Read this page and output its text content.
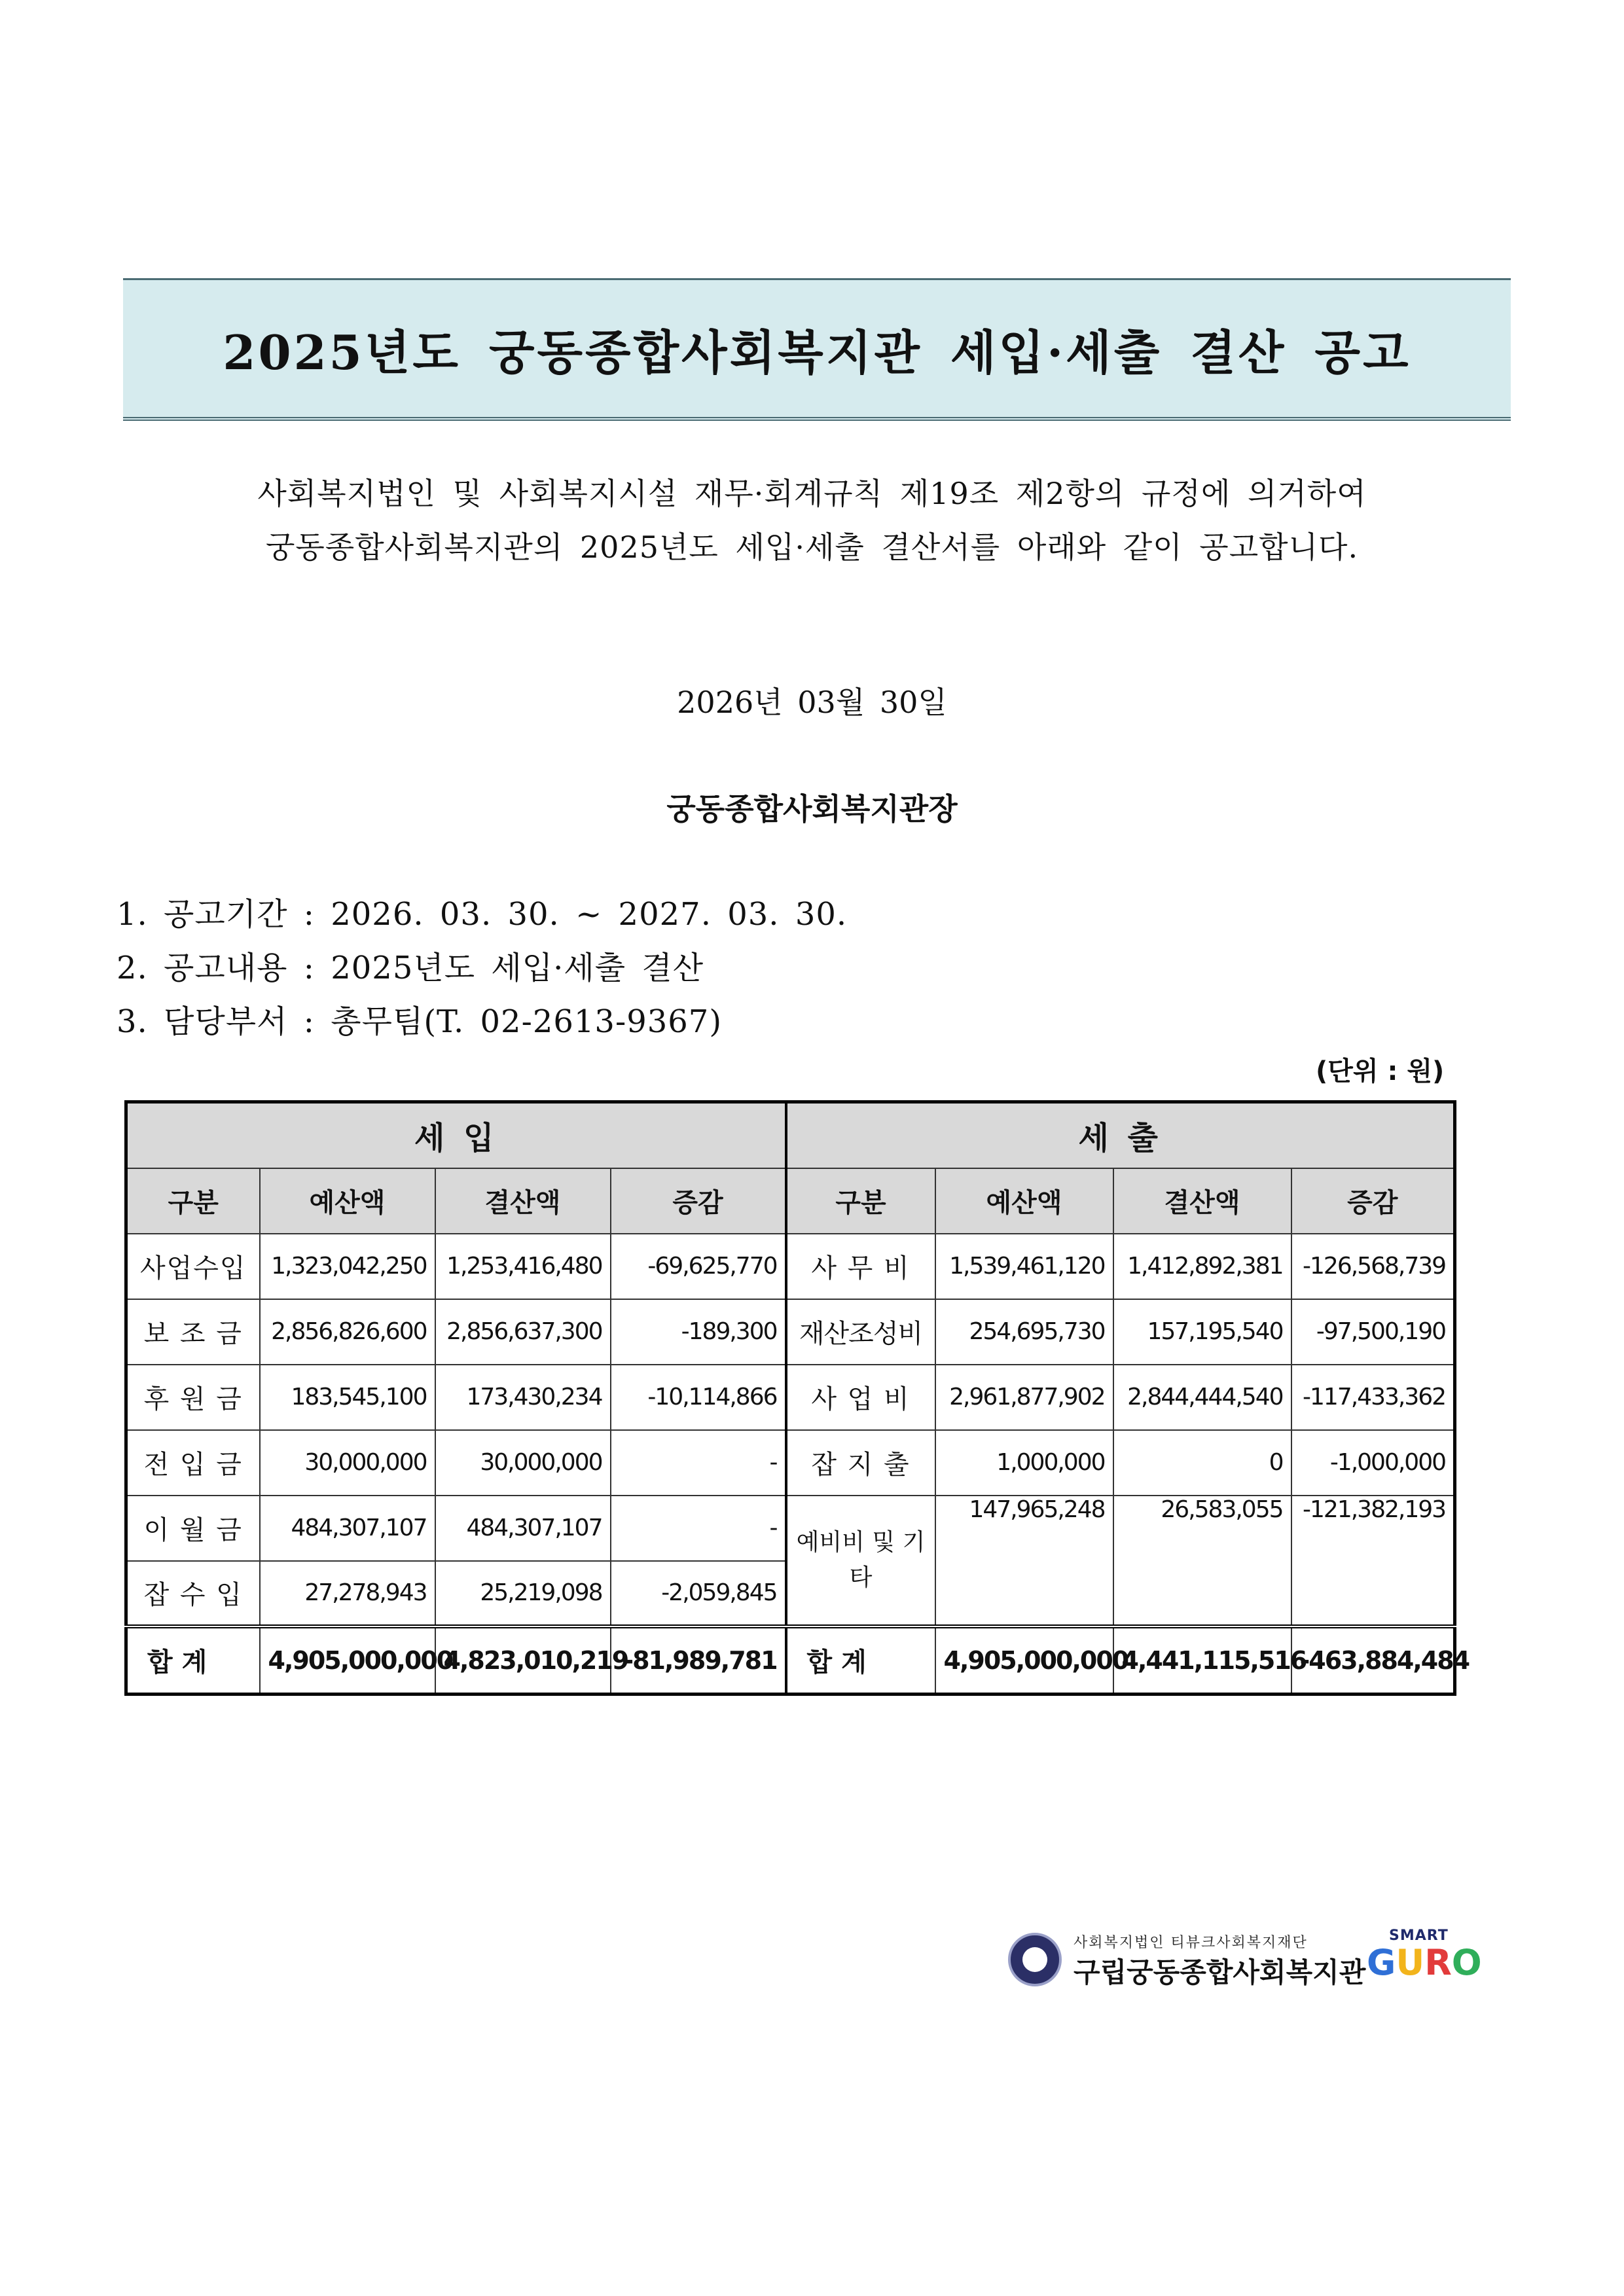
2025년도 궁동종합사회복지관 세입·세출 결산 공고
사회복지법인 및 사회복지시설 재무·회계규칙 제19조 제2항의 규정에 의거하여
궁동종합사회복지관의 2025년도 세입·세출 결산서를 아래와 같이 공고합니다.
2026년 03월 30일
궁동종합사회복지관장
1. 공고기간 : 2026. 03. 30. ~ 2027. 03. 30.
2. 공고내용 : 2025년도 세입·세출 결산
3. 담당부서 : 총무팀(T. 02-2613-9367)
(단위 : 원)
세 입				세 출			
구분	예산액	결산액	증감	구분	예산액	결산액	증감
사업수입	1,323,042,250	1,253,416,480	-69,625,770	사 무 비	1,539,461,120	1,412,892,381	-126,568,739
보 조 금	2,856,826,600	2,856,637,300	-189,300	재산조성비	254,695,730	157,195,540	-97,500,190
후 원 금	183,545,100	173,430,234	-10,114,866	사 업 비	2,961,877,902	2,844,444,540	-117,433,362
전 입 금	30,000,000	30,000,000	-	잡 지 출	1,000,000	0	-1,000,000
이 월 금	484,307,107	484,307,107	-	예비비 및 기타	147,965,248	26,583,055	-121,382,193
잡 수 입	27,278,943	25,219,098	-2,059,845				
합 계	4,905,000,000	4,823,010,219	-81,989,781	합 계	4,905,000,000	4,441,115,516	-463,884,484
사회복지법인 티뷰크사회복지재단
구립궁동종합사회복지관
SMART
GURO
